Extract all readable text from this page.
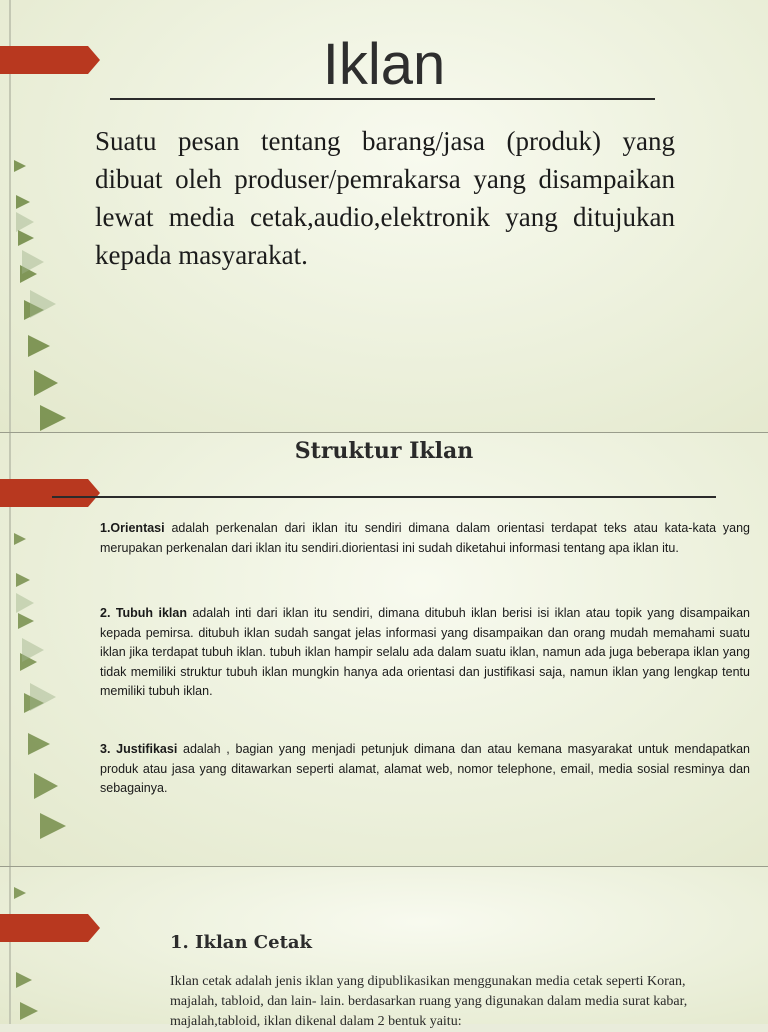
Iklan

Suatu pesan tentang barang/jasa (produk) yang dibuat oleh produser/pemrakarsa yang disampaikan lewat media cetak,audio,elektronik yang ditujukan kepada masyarakat.

Struktur Iklan

1.Orientasi adalah perkenalan dari iklan itu sendiri dimana dalam orientasi terdapat teks atau kata-kata yang merupakan perkenalan dari iklan itu sendiri.diorientasi ini sudah diketahui informasi tentang apa iklan itu.

2. Tubuh iklan adalah inti dari iklan itu sendiri, dimana ditubuh iklan berisi isi iklan atau topik yang disampaikan kepada pemirsa. ditubuh iklan sudah sangat jelas informasi yang disampaikan dan orang mudah memahami suatu iklan jika terdapat tubuh iklan. tubuh iklan hampir selalu ada dalam suatu iklan, namun ada juga beberapa iklan yang tidak memiliki struktur tubuh iklan mungkin hanya ada orientasi dan justifikasi saja, namun iklan yang lengkap tentu memiliki tubuh iklan.

3. Justifikasi adalah , bagian yang menjadi petunjuk dimana dan atau kemana masyarakat untuk mendapatkan produk atau jasa yang ditawarkan seperti alamat, alamat web, nomor telephone, email, media sosial resminya dan sebagainya.

1. Iklan Cetak

Iklan cetak adalah jenis iklan yang dipublikasikan menggunakan media cetak seperti Koran, majalah, tabloid, dan lain- lain. berdasarkan ruang yang digunakan dalam media surat kabar, majalah,tabloid, iklan dikenal dalam 2 bentuk yaitu:
